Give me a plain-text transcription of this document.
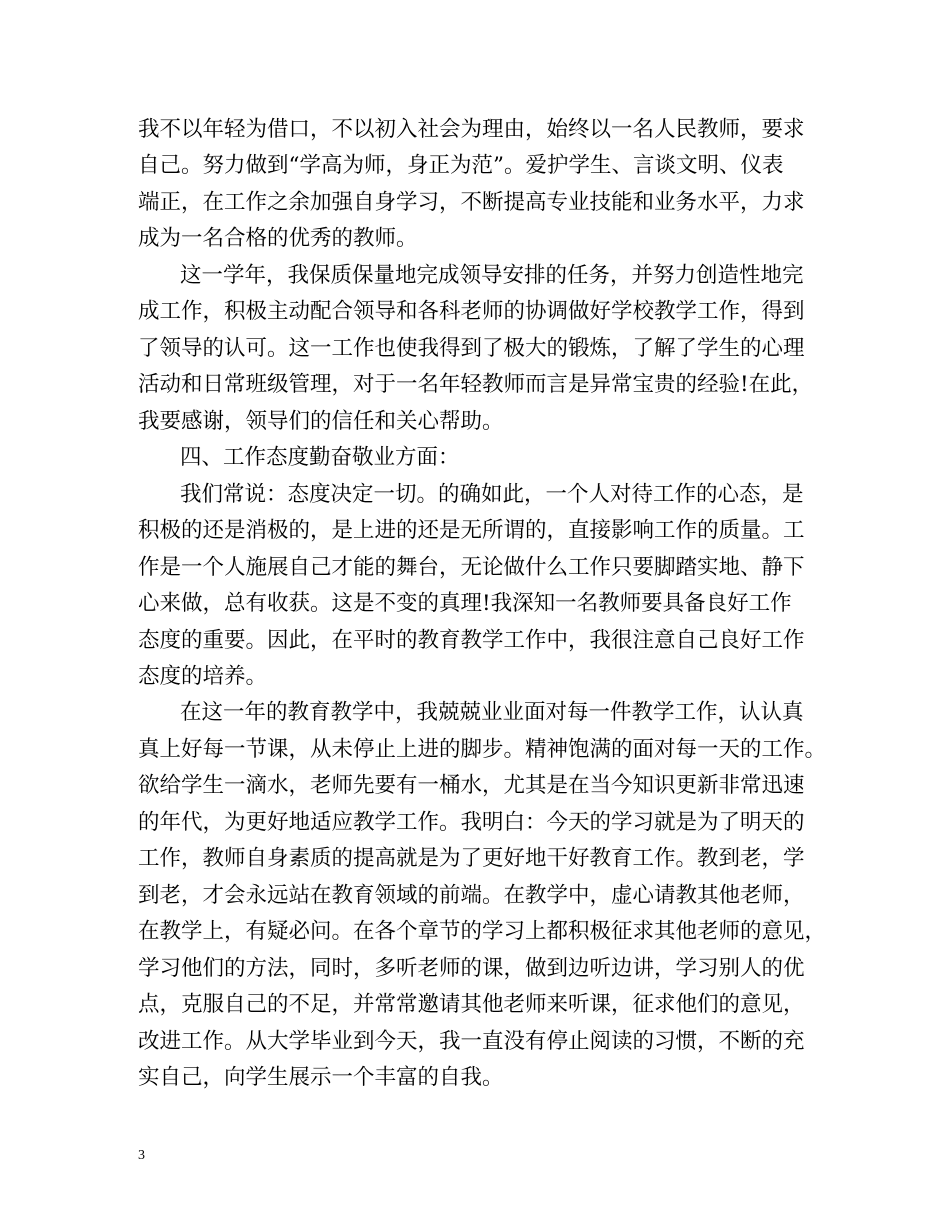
我不以年轻为借口，不以初入社会为理由，始终以一名人民教师，要求
自己。努力做到“学高为师，身正为范”。爱护学生、言谈文明、仪表
端正，在工作之余加强自身学习，不断提高专业技能和业务水平，力求
成为一名合格的优秀的教师。
这一学年，我保质保量地完成领导安排的任务，并努力创造性地完
成工作，积极主动配合领导和各科老师的协调做好学校教学工作，得到
了领导的认可。这一工作也使我得到了极大的锻炼，了解了学生的心理
活动和日常班级管理，对于一名年轻教师而言是异常宝贵的经验!在此，
我要感谢，领导们的信任和关心帮助。
四、工作态度勤奋敬业方面：
我们常说：态度决定一切。的确如此，一个人对待工作的心态，是
积极的还是消极的，是上进的还是无所谓的，直接影响工作的质量。工
作是一个人施展自己才能的舞台，无论做什么工作只要脚踏实地、静下
心来做，总有收获。这是不变的真理!我深知一名教师要具备良好工作
态度的重要。因此，在平时的教育教学工作中，我很注意自己良好工作
态度的培养。
在这一年的教育教学中，我兢兢业业面对每一件教学工作，认认真
真上好每一节课，从未停止上进的脚步。精神饱满的面对每一天的工作。
欲给学生一滴水，老师先要有一桶水，尤其是在当今知识更新非常迅速
的年代，为更好地适应教学工作。我明白：今天的学习就是为了明天的
工作，教师自身素质的提高就是为了更好地干好教育工作。教到老，学
到老，才会永远站在教育领域的前端。在教学中，虚心请教其他老师，
在教学上，有疑必问。在各个章节的学习上都积极征求其他老师的意见，
学习他们的方法，同时，多听老师的课，做到边听边讲，学习别人的优
点，克服自己的不足，并常常邀请其他老师来听课，征求他们的意见，
改进工作。从大学毕业到今天，我一直没有停止阅读的习惯，不断的充
实自己，向学生展示一个丰富的自我。
3
